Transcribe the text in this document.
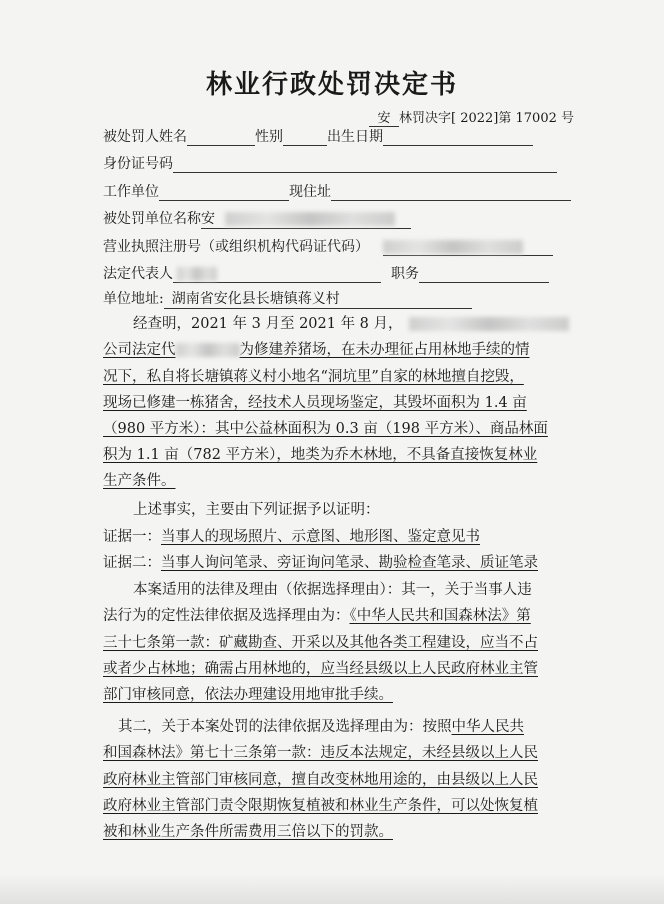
林业行政处罚决定书
安 林罚决字[ 2022]第 17002 号
被处罚人姓名	性别	出生日期
身份证号码
工作单位	现住址
被处罚单位名称安
营业执照注册号（或组织机构代码证代码）
法定代表人	职务
单位地址: 湖南省安化县长塘镇蒋义村
经查明，2021 年 3 月至 2021 年 8 月，
公司法定代	为修建养猪场，在未办理征占用林地手续的情
况下，私自将长塘镇蒋义村小地名“洞坑里”自家的林地擅自挖毁，
现场已修建一栋猪舍，经技术人员现场鉴定，其毁坏面积为 1.4 亩
（980 平方米）：其中公益林面积为 0.3 亩（198 平方米）、商品林面
积为 1.1 亩（782 平方米），地类为乔木林地，不具备直接恢复林业
生产条件。
上述事实，主要由下列证据予以证明：
证据一：当事人的现场照片、示意图、地形图、鉴定意见书
证据二：当事人询问笔录、旁证询问笔录、勘验检查笔录、质证笔录
本案适用的法律及理由（依据选择理由）：其一，关于当事人违
法行为的定性法律依据及选择理由为：《中华人民共和国森林法》第
三十七条第一款：矿藏勘查、开采以及其他各类工程建设，应当不占
或者少占林地；确需占用林地的，应当经县级以上人民政府林业主管
部门审核同意，依法办理建设用地审批手续。
其二，关于本案处罚的法律依据及选择理由为：按照中华人民共
和国森林法》第七十三条第一款：违反本法规定，未经县级以上人民
政府林业主管部门审核同意，擅自改变林地用途的，由县级以上人民
政府林业主管部门责令限期恢复植被和林业生产条件，可以处恢复植
被和林业生产条件所需费用三倍以下的罚款。
